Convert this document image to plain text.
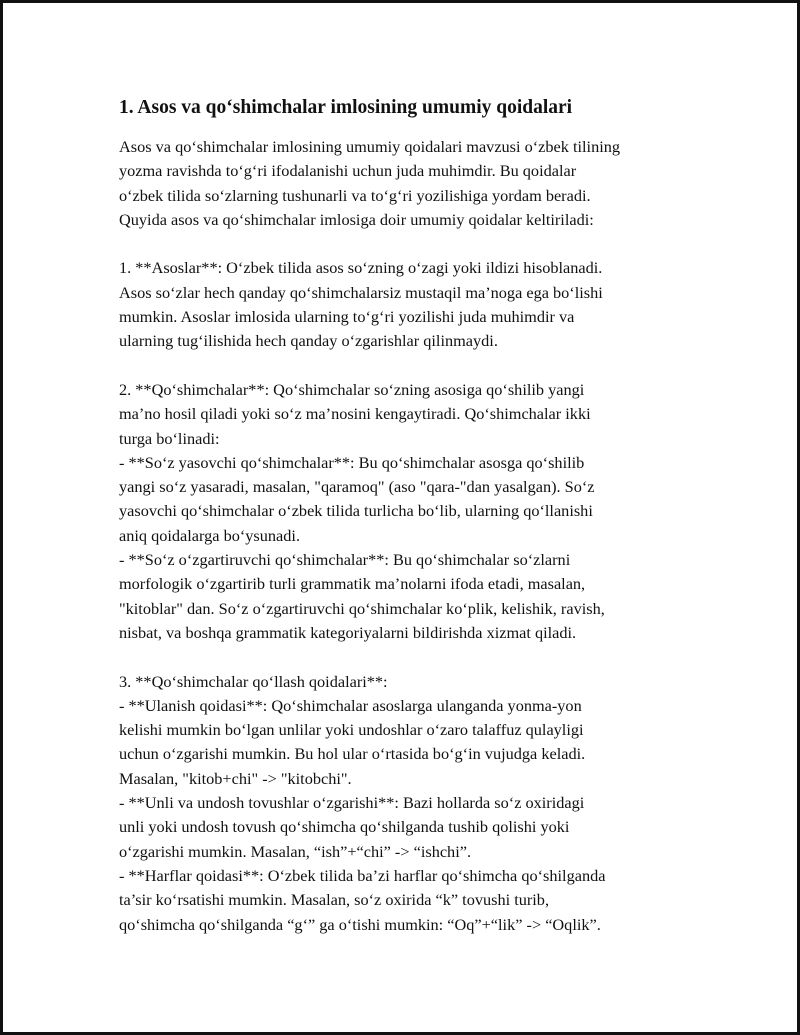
1. Asos va qo‘shimchalar imlosining umumiy qoidalari

Asos va qo‘shimchalar imlosining umumiy qoidalari mavzusi o‘zbek tilining
yozma ravishda to‘g‘ri ifodalanishi uchun juda muhimdir. Bu qoidalar
o‘zbek tilida so‘zlarning tushunarli va to‘g‘ri yozilishiga yordam beradi.
Quyida asos va qo‘shimchalar imlosiga doir umumiy qoidalar keltiriladi:

1. **Asoslar**: O‘zbek tilida asos so‘zning o‘zagi yoki ildizi hisoblanadi.
Asos so‘zlar hech qanday qo‘shimchalarsiz mustaqil ma’noga ega bo‘lishi
mumkin. Asoslar imlosida ularning to‘g‘ri yozilishi juda muhimdir va
ularning tug‘ilishida hech qanday o‘zgarishlar qilinmaydi.

2. **Qo‘shimchalar**: Qo‘shimchalar so‘zning asosiga qo‘shilib yangi
ma’no hosil qiladi yoki so‘z ma’nosini kengaytiradi. Qo‘shimchalar ikki
turga bo‘linadi:
- **So‘z yasovchi qo‘shimchalar**: Bu qo‘shimchalar asosga qo‘shilib
yangi so‘z yasaradi, masalan, "qaramoq" (aso "qara-"dan yasalgan). So‘z
yasovchi qo‘shimchalar o‘zbek tilida turlicha bo‘lib, ularning qo‘llanishi
aniq qoidalarga bo‘ysunadi.
- **So‘z o‘zgartiruvchi qo‘shimchalar**: Bu qo‘shimchalar so‘zlarni
morfologik o‘zgartirib turli grammatik ma’nolarni ifoda etadi, masalan,
"kitoblar" dan. So‘z o‘zgartiruvchi qo‘shimchalar ko‘plik, kelishik, ravish,
nisbat, va boshqa grammatik kategoriyalarni bildirishda xizmat qiladi.

3. **Qo‘shimchalar qo‘llash qoidalari**:
- **Ulanish qoidasi**: Qo‘shimchalar asoslarga ulanganda yonma-yon
kelishi mumkin bo‘lgan unlilar yoki undoshlar o‘zaro talaffuz qulayligi
uchun o‘zgarishi mumkin. Bu hol ular o‘rtasida bo‘g‘in vujudga keladi.
Masalan, "kitob+chi" -> "kitobchi".
- **Unli va undosh tovushlar o‘zgarishi**: Bazi hollarda so‘z oxiridagi
unli yoki undosh tovush qo‘shimcha qo‘shilganda tushib qolishi yoki
o‘zgarishi mumkin. Masalan, “ish”+“chi” -> “ishchi”.
- **Harflar qoidasi**: O‘zbek tilida ba’zi harflar qo‘shimcha qo‘shilganda
ta’sir ko‘rsatishi mumkin. Masalan, so‘z oxirida “k” tovushi turib,
qo‘shimcha qo‘shilganda “g‘” ga o‘tishi mumkin: “Oq”+“lik” -> “Oqlik”.
